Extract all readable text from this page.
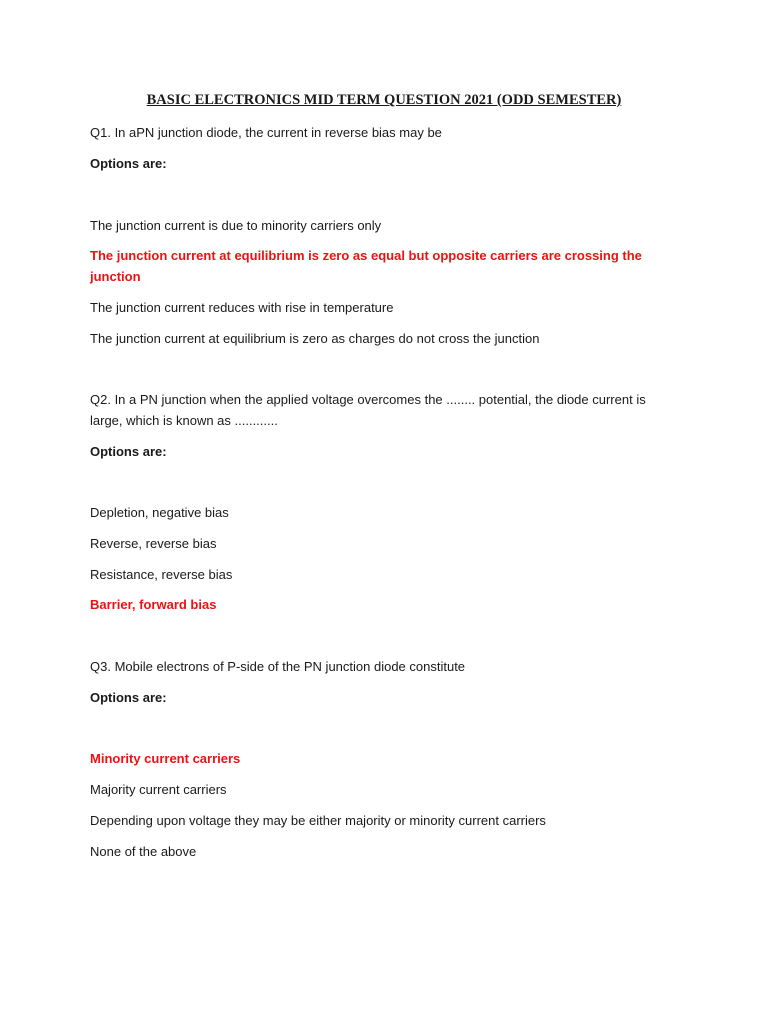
BASIC ELECTRONICS MID TERM QUESTION 2021 (ODD SEMESTER)
Q1. In aPN junction diode, the current in reverse bias may be
Options are:
The junction current is due to minority carriers only
The junction current at equilibrium is zero as equal but opposite carriers are crossing the junction
The junction current reduces with rise in temperature
The junction current at equilibrium is zero as charges do not cross the junction
Q2. In a PN junction when the applied voltage overcomes the ........ potential, the diode current is large, which is known as ............
Options are:
Depletion, negative bias
Reverse, reverse bias
Resistance, reverse bias
Barrier, forward bias
Q3. Mobile electrons of P-side of the PN junction diode constitute
Options are:
Minority current carriers
Majority current carriers
Depending upon voltage they may be either majority or minority current carriers
None of the above
